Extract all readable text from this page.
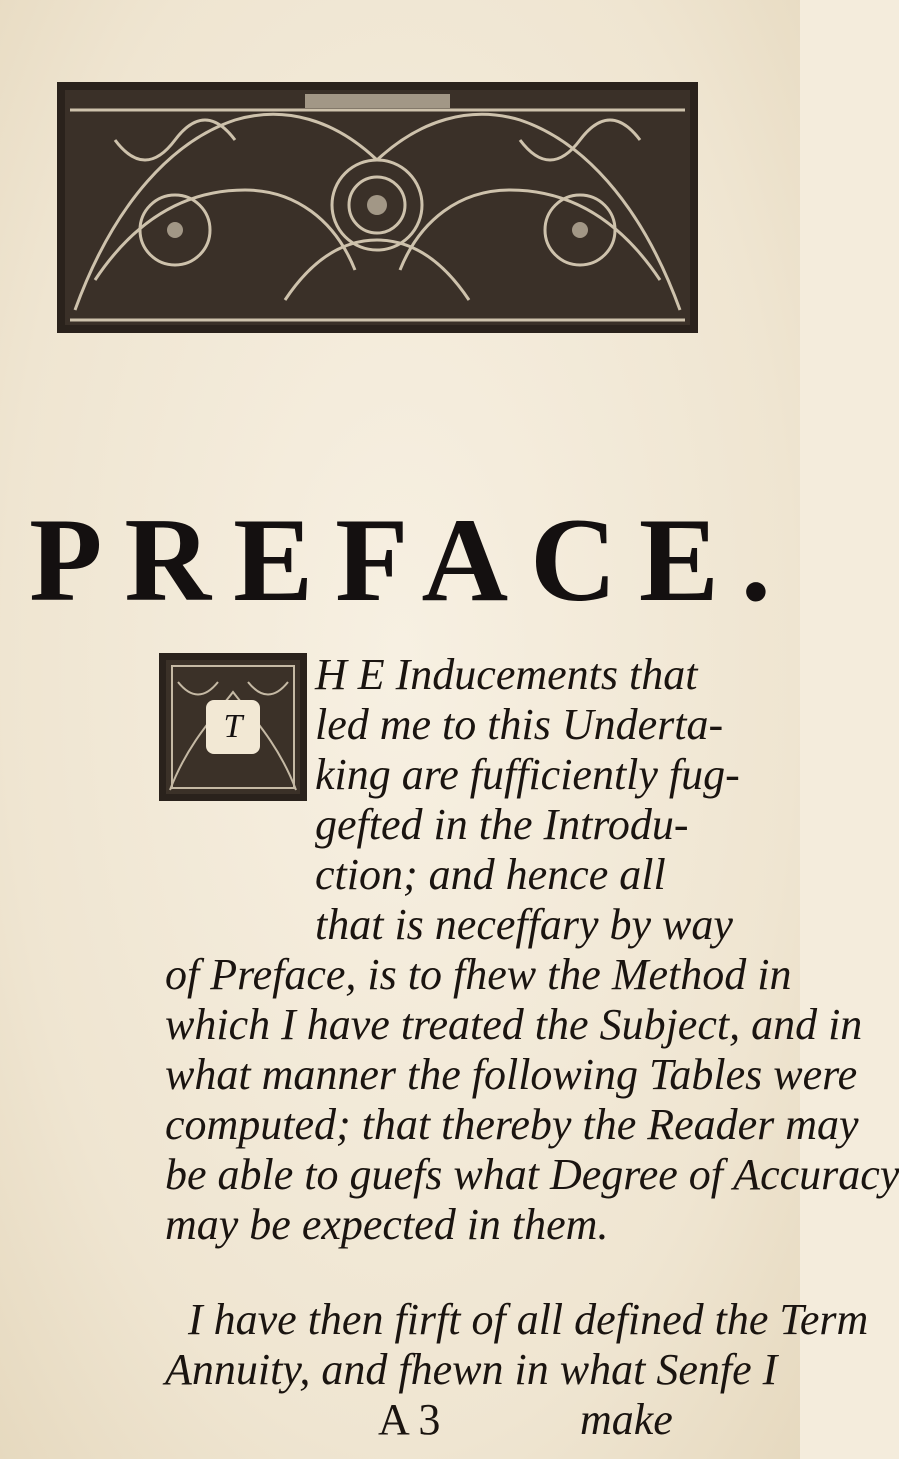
PREFACE.
T
H E Inducements that
led me to this Underta-
king are fufficiently fug-
gefted in the Introdu-
ction; and hence all
that is neceffary by way
of Preface, is to fhew the Method in
which I have treated the Subject, and in
what manner the following Tables were
computed; that thereby the Reader may
be able to guefs what Degree of Accuracy
may be expected in them.
I have then firft of all defined the Term
Annuity, and fhewn in what Senfe I
A 3	make
